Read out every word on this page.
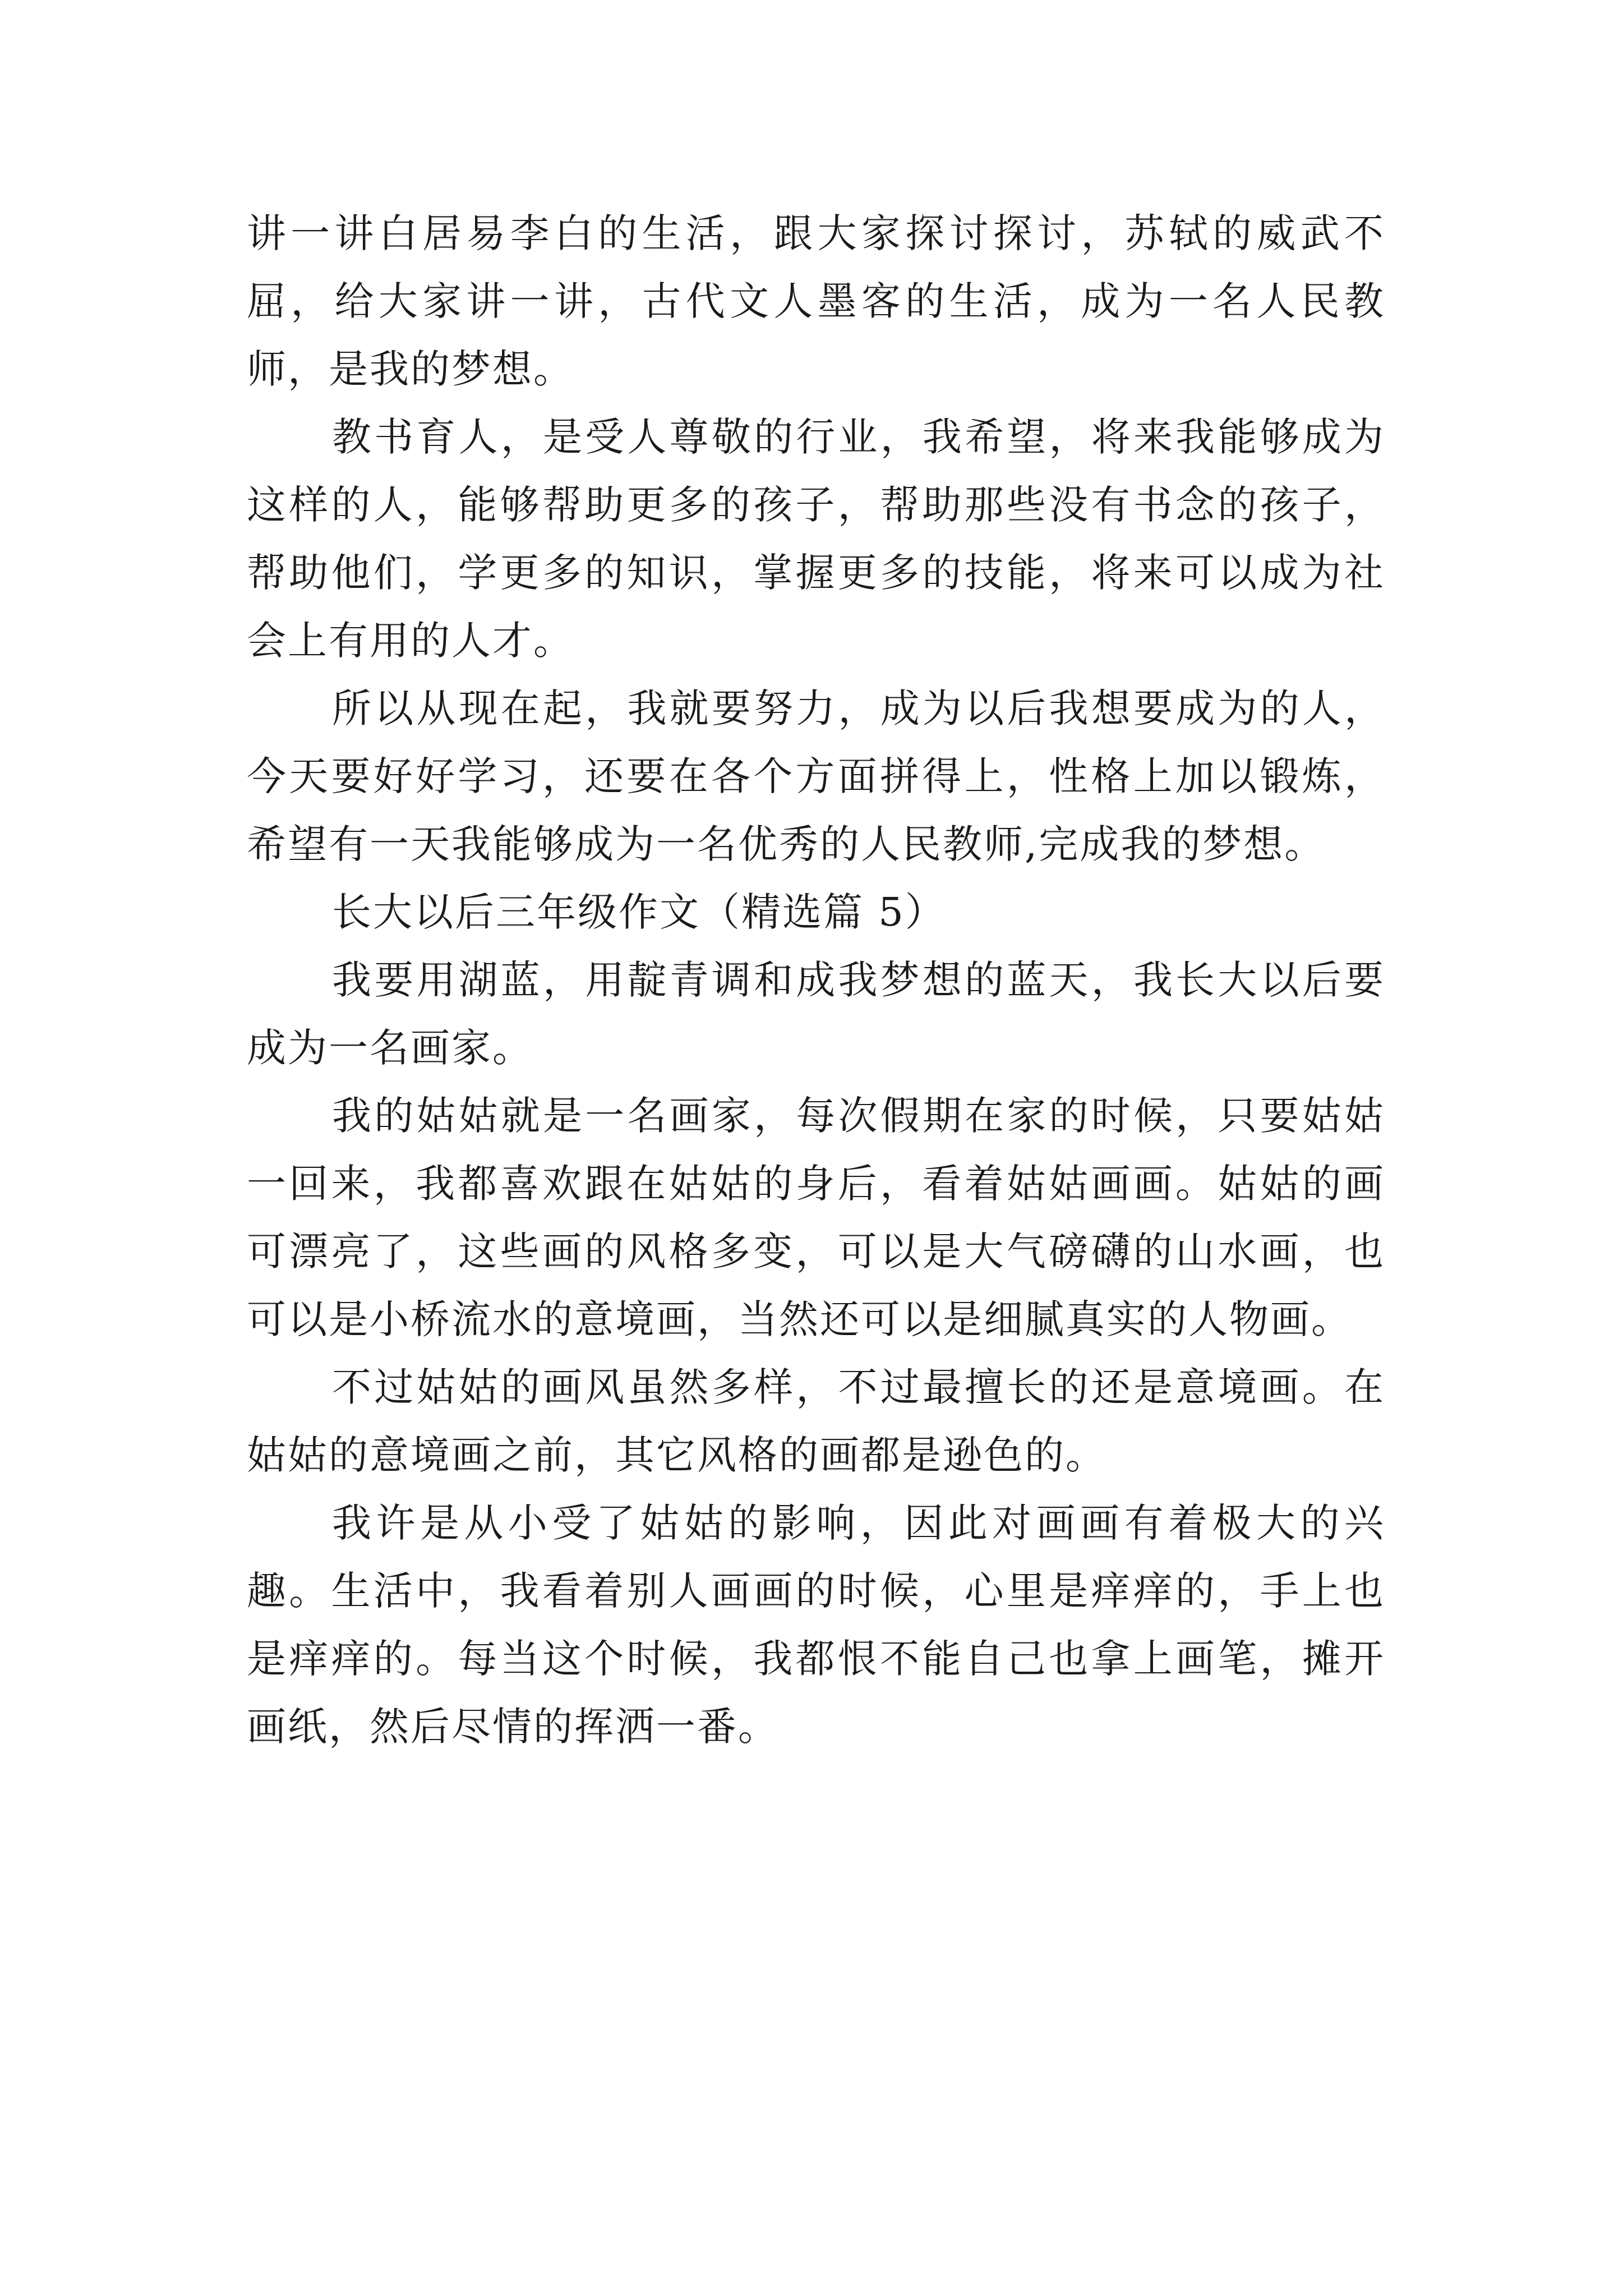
讲一讲白居易李白的生活，跟大家探讨探讨，苏轼的威武不屈，给大家讲一讲，古代文人墨客的生活，成为一名人民教师，是我的梦想。

教书育人，是受人尊敬的行业，我希望，将来我能够成为这样的人，能够帮助更多的孩子，帮助那些没有书念的孩子，帮助他们，学更多的知识，掌握更多的技能，将来可以成为社会上有用的人才。

所以从现在起，我就要努力，成为以后我想要成为的人，今天要好好学习，还要在各个方面拼得上，性格上加以锻炼，希望有一天我能够成为一名优秀的人民教师,完成我的梦想。

长大以后三年级作文（精选篇 5）

我要用湖蓝，用靛青调和成我梦想的蓝天，我长大以后要成为一名画家。

我的姑姑就是一名画家，每次假期在家的时候，只要姑姑一回来，我都喜欢跟在姑姑的身后，看着姑姑画画。姑姑的画可漂亮了，这些画的风格多变，可以是大气磅礴的山水画，也可以是小桥流水的意境画，当然还可以是细腻真实的人物画。

不过姑姑的画风虽然多样，不过最擅长的还是意境画。在姑姑的意境画之前，其它风格的画都是逊色的。

我许是从小受了姑姑的影响，因此对画画有着极大的兴趣。生活中，我看着别人画画的时候，心里是痒痒的，手上也是痒痒的。每当这个时候，我都恨不能自己也拿上画笔，摊开画纸，然后尽情的挥洒一番。
